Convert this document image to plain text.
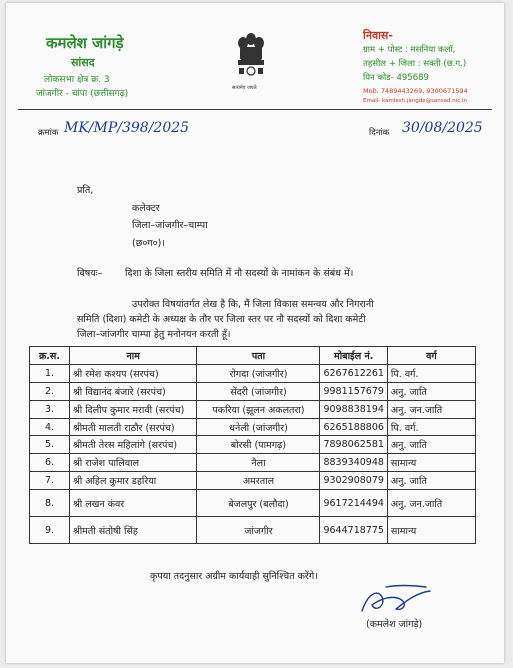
कमलेश जांगड़े
सांसद
लोकसभा क्षेत्र क्र. 3
जांजगीर - चांपा (छत्तीसगढ़)
सत्यमेव जयते
निवास-
ग्राम + पोस्ट : मसनिया कलॉ,
तहसील + जिला : सक्ती (छ.ग.)
पिन कोड- 495689
Mob. 7489443269, 9300671594
Email- kamlesh.jangde@sansad.nic.in
क्रमांक MK/MP/398/2025	दिनांक 30/08/2025
प्रति,
कलेक्टर
जिला–जांजगीर–चाम्पा
(छ०ग०)।
विषयः– दिशा के जिला स्तरीय समिति में नौ सदस्यों के नामांकन के संबंध में।
उपरोक्त विषयांतर्गत लेख है कि, मैं जिला विकास समन्वय और निगरानी
समिति (दिशा) कमेटी के अध्यक्ष के तौर पर जिला स्तर पर नौ सदस्यों को दिशा कमेटी
जिला–जांजगीर चाम्पा हेतु मनोनयन करती हूँ।
क्र.स.	नाम	पता	मोबाईल नं.	वर्ग
1.	श्री रमेश कश्यप (सरपंच)	रोगदा (जांजगीर)	6267612261	पि. वर्ग.
2.	श्री विद्यानंद बंजारे (सरपंच)	सेंदरी (जांजगीर)	9981157679	अनु. जाति
3.	श्री दिलीप कुमार मरावी (सरपंच)	पकरिया (झूलन अकलतरा)	9098838194	अनु. जन.जाति
4.	श्रीमती मालती राठौर (सरपंच)	धनेली (जांजगीर)	6265188806	पि. वर्ग.
5.	श्रीमती तेरस महिलांगे (सरपंच)	बोरसी (पामगढ़)	7898062581	अनु. जाति
6.	श्री राजेश पालिवाल	नैला	8839340948	सामान्य
7.	श्री अहिल कुमार डहरिया	अमरताल	9302908079	अनु. जाति
8.	श्री लखन कंवर	बेजलपुर (बलौदा)	9617214494	अनु. जन.जाति
9.	श्रीमती संतोषी सिंह	जांजगीर	9644718775	सामान्य
कृपया तदनुसार अग्रीम कार्यवाही सुनिश्चित करेंगे।
(कमलेश जांगड़े)
